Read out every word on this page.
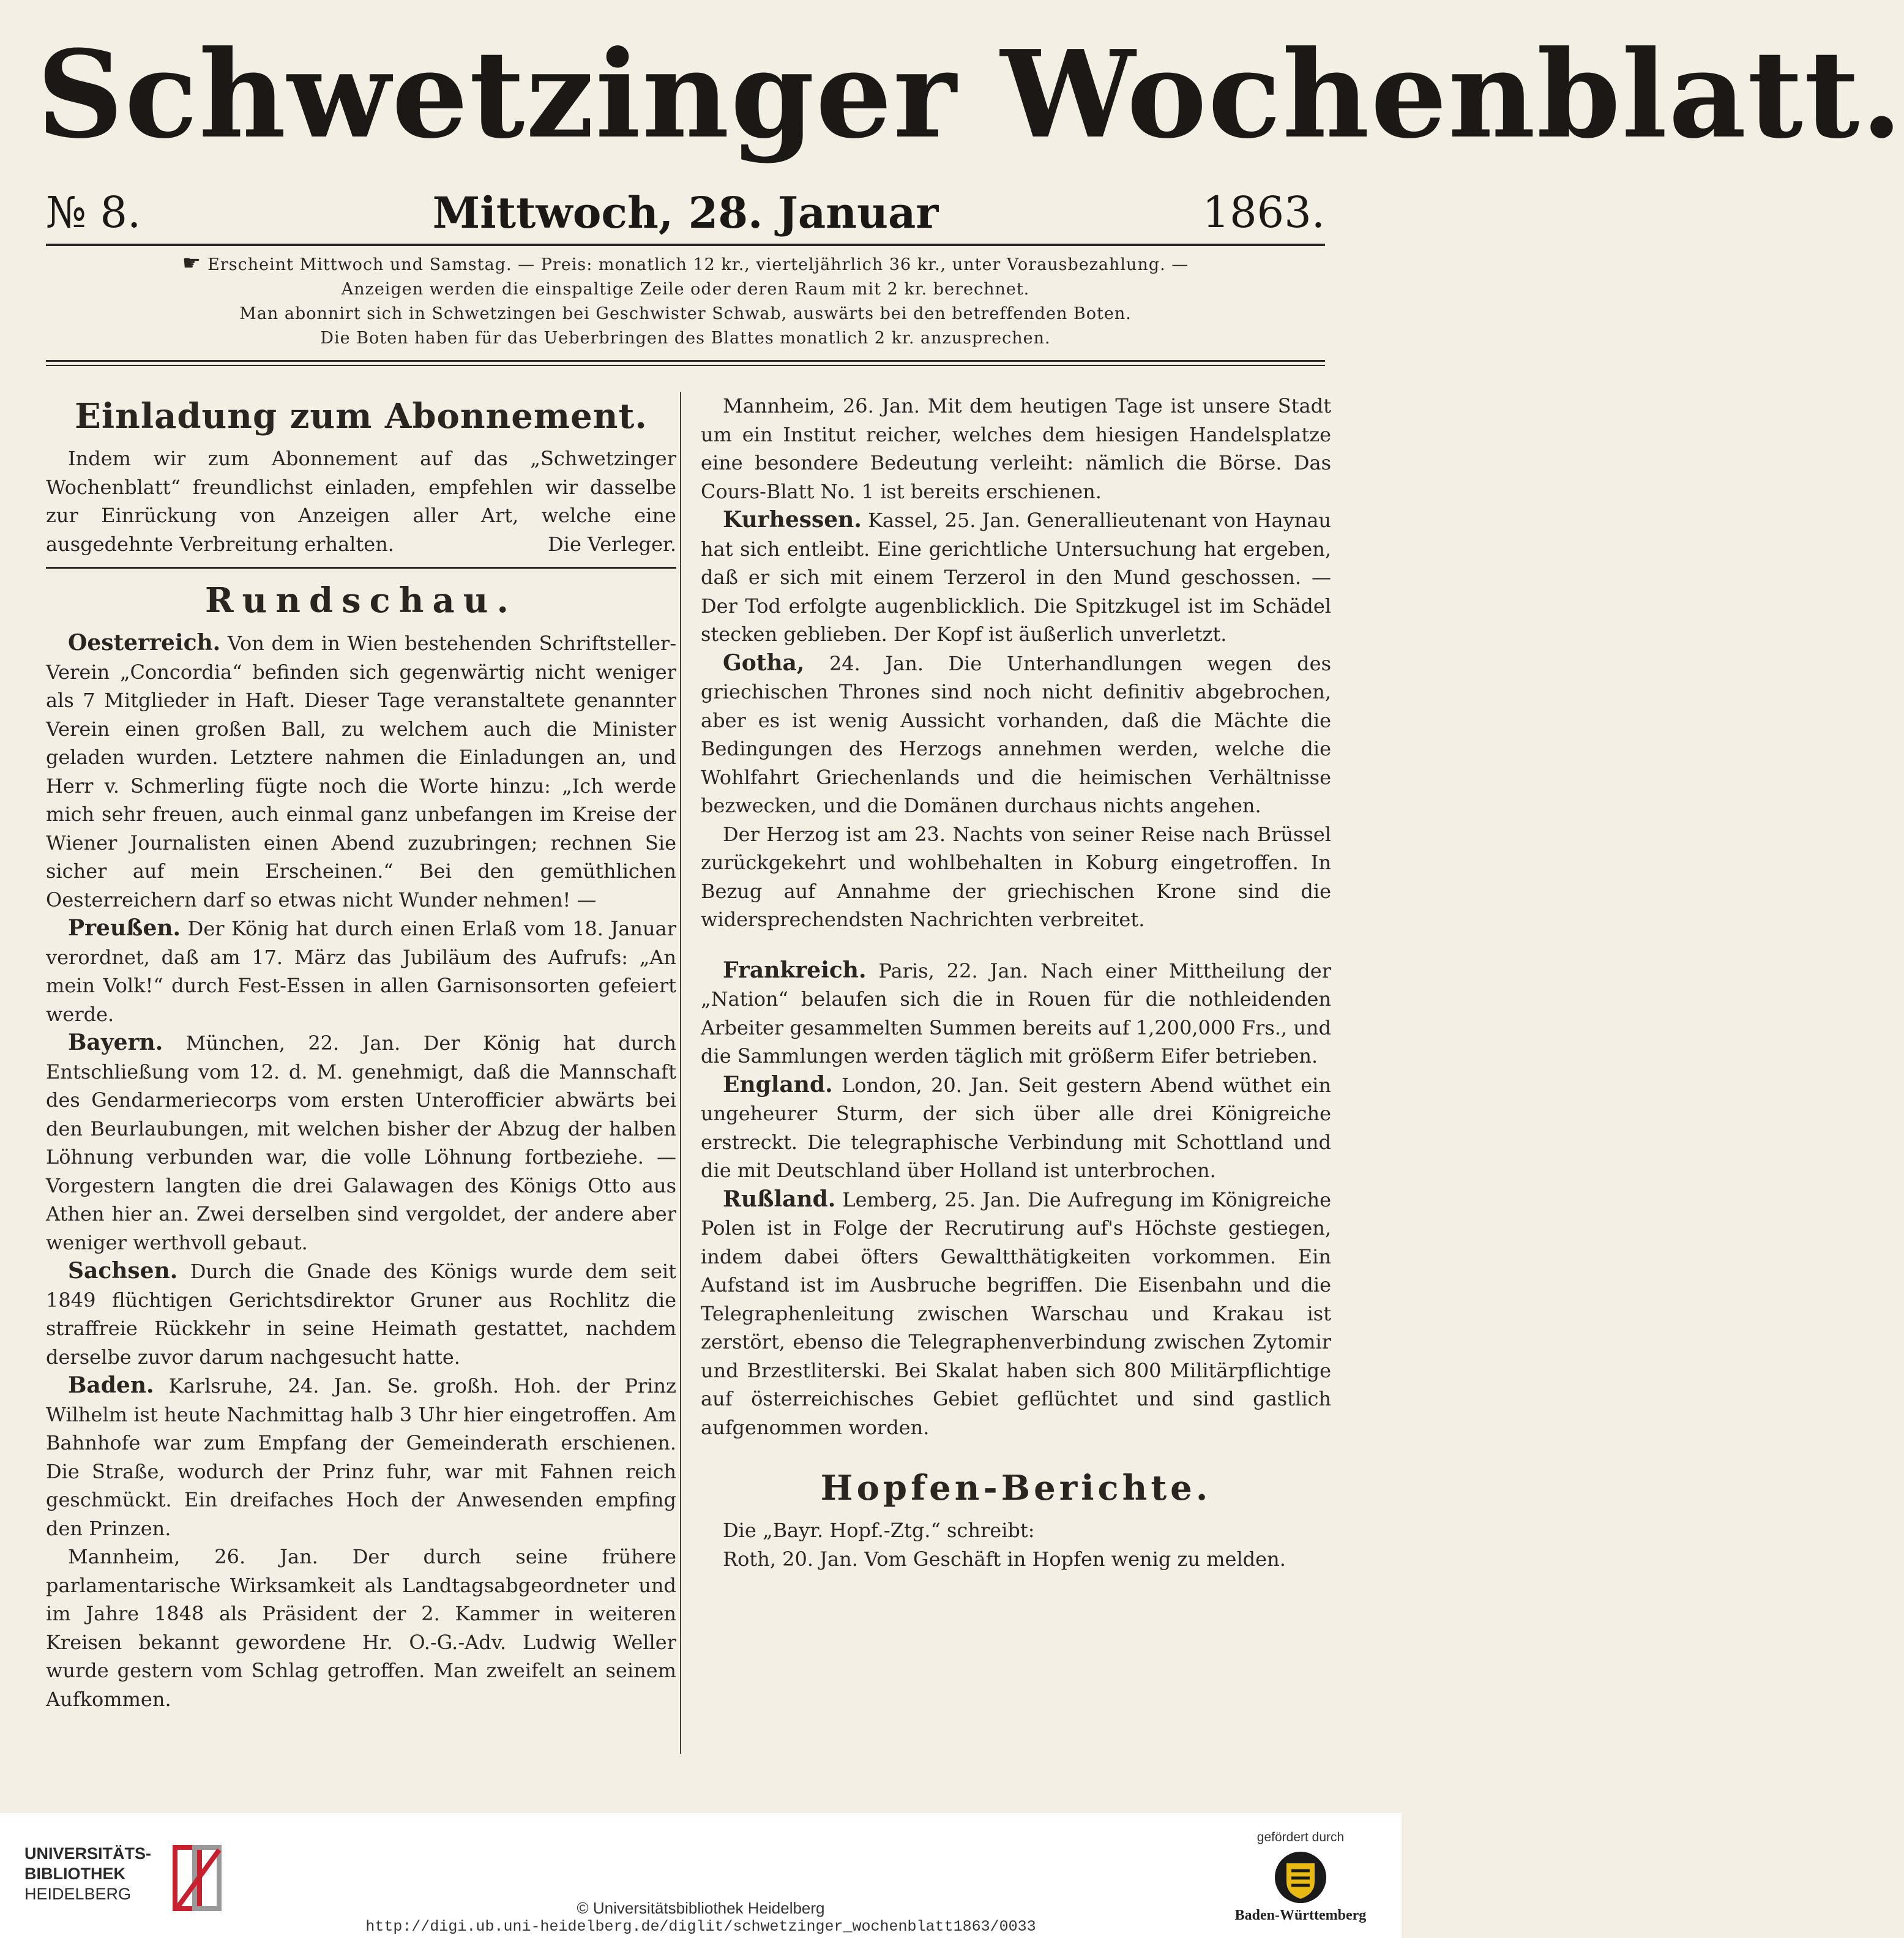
Schwetzinger Wochenblatt.
№ 8.	Mittwoch, 28. Januar	1863.
☛ Erscheint Mittwoch und Samstag. — Preis: monatlich 12 kr., vierteljährlich 36 kr., unter Vorausbezahlung. —
Anzeigen werden die einspaltige Zeile oder deren Raum mit 2 kr. berechnet.
Man abonnirt sich in Schwetzingen bei Geschwister Schwab, auswärts bei den betreffenden Boten.
Die Boten haben für das Ueberbringen des Blattes monatlich 2 kr. anzusprechen.
Einladung zum Abonnement.

Indem wir zum Abonnement auf das „Schwetzinger Wochenblatt“ freundlichst einladen, empfehlen wir dasselbe zur Einrückung von Anzeigen aller Art, welche eine ausgedehnte Verbreitung erhalten.	Die Verleger.

Rundschau.

Oesterreich. Von dem in Wien bestehenden Schriftsteller-Verein „Concordia“ befinden sich gegenwärtig nicht weniger als 7 Mitglieder in Haft. Dieser Tage veranstaltete genannter Verein einen großen Ball, zu welchem auch die Minister geladen wurden. Letztere nahmen die Einladungen an, und Herr v. Schmerling fügte noch die Worte hinzu: „Ich werde mich sehr freuen, auch einmal ganz unbefangen im Kreise der Wiener Journalisten einen Abend zuzubringen; rechnen Sie sicher auf mein Erscheinen.“ Bei den gemüthlichen Oesterreichern darf so etwas nicht Wunder nehmen! —

Preußen. Der König hat durch einen Erlaß vom 18. Januar verordnet, daß am 17. März das Jubiläum des Aufrufs: „An mein Volk!“ durch Fest-Essen in allen Garnisonsorten gefeiert werde.

Bayern. München, 22. Jan. Der König hat durch Entschließung vom 12. d. M. genehmigt, daß die Mannschaft des Gendarmeriecorps vom ersten Unterofficier abwärts bei den Beurlaubungen, mit welchen bisher der Abzug der halben Löhnung verbunden war, die volle Löhnung fortbeziehe. — Vorgestern langten die drei Galawagen des Königs Otto aus Athen hier an. Zwei derselben sind vergoldet, der andere aber weniger werthvoll gebaut.

Sachsen. Durch die Gnade des Königs wurde dem seit 1849 flüchtigen Gerichtsdirektor Gruner aus Rochlitz die straffreie Rückkehr in seine Heimath gestattet, nachdem derselbe zuvor darum nachgesucht hatte.

Baden. Karlsruhe, 24. Jan. Se. großh. Hoh. der Prinz Wilhelm ist heute Nachmittag halb 3 Uhr hier eingetroffen. Am Bahnhofe war zum Empfang der Gemeinderath erschienen. Die Straße, wodurch der Prinz fuhr, war mit Fahnen reich geschmückt. Ein dreifaches Hoch der Anwesenden empfing den Prinzen.

Mannheim, 26. Jan. Der durch seine frühere parlamentarische Wirksamkeit als Landtagsabgeordneter und im Jahre 1848 als Präsident der 2. Kammer in weiteren Kreisen bekannt gewordene Hr. O.-G.-Adv. Ludwig Weller wurde gestern vom Schlag getroffen. Man zweifelt an seinem Aufkommen.

Mannheim, 26. Jan. Mit dem heutigen Tage ist unsere Stadt um ein Institut reicher, welches dem hiesigen Handelsplatze eine besondere Bedeutung verleiht: nämlich die Börse. Das Cours-Blatt No. 1 ist bereits erschienen.

Kurhessen. Kassel, 25. Jan. Generallieutenant von Haynau hat sich entleibt. Eine gerichtliche Untersuchung hat ergeben, daß er sich mit einem Terzerol in den Mund geschossen. — Der Tod erfolgte augenblicklich. Die Spitzkugel ist im Schädel stecken geblieben. Der Kopf ist äußerlich unverletzt.

Gotha, 24. Jan. Die Unterhandlungen wegen des griechischen Thrones sind noch nicht definitiv abgebrochen, aber es ist wenig Aussicht vorhanden, daß die Mächte die Bedingungen des Herzogs annehmen werden, welche die Wohlfahrt Griechenlands und die heimischen Verhältnisse bezwecken, und die Domänen durchaus nichts angehen.

Der Herzog ist am 23. Nachts von seiner Reise nach Brüssel zurückgekehrt und wohlbehalten in Koburg eingetroffen. In Bezug auf Annahme der griechischen Krone sind die widersprechendsten Nachrichten verbreitet.

Frankreich. Paris, 22. Jan. Nach einer Mittheilung der „Nation“ belaufen sich die in Rouen für die nothleidenden Arbeiter gesammelten Summen bereits auf 1,200,000 Frs., und die Sammlungen werden täglich mit größerm Eifer betrieben.

England. London, 20. Jan. Seit gestern Abend wüthet ein ungeheurer Sturm, der sich über alle drei Königreiche erstreckt. Die telegraphische Verbindung mit Schottland und die mit Deutschland über Holland ist unterbrochen.

Rußland. Lemberg, 25. Jan. Die Aufregung im Königreiche Polen ist in Folge der Recrutirung auf's Höchste gestiegen, indem dabei öfters Gewaltthätigkeiten vorkommen. Ein Aufstand ist im Ausbruche begriffen. Die Eisenbahn und die Telegraphenleitung zwischen Warschau und Krakau ist zerstört, ebenso die Telegraphenverbindung zwischen Zytomir und Brzestliterski. Bei Skalat haben sich 800 Militärpflichtige auf österreichisches Gebiet geflüchtet und sind gastlich aufgenommen worden.

Hopfen-Berichte.

Die „Bayr. Hopf.-Ztg.“ schreibt:

Roth, 20. Jan. Vom Geschäft in Hopfen wenig zu melden.

UNIVERSITÄTS-
BIBLIOTHEK
HEIDELBERG
© Universitätsbibliothek Heidelberg
http://digi.ub.uni-heidelberg.de/diglit/schwetzinger_wochenblatt1863/0033
gefördert durch
Baden-Württemberg
